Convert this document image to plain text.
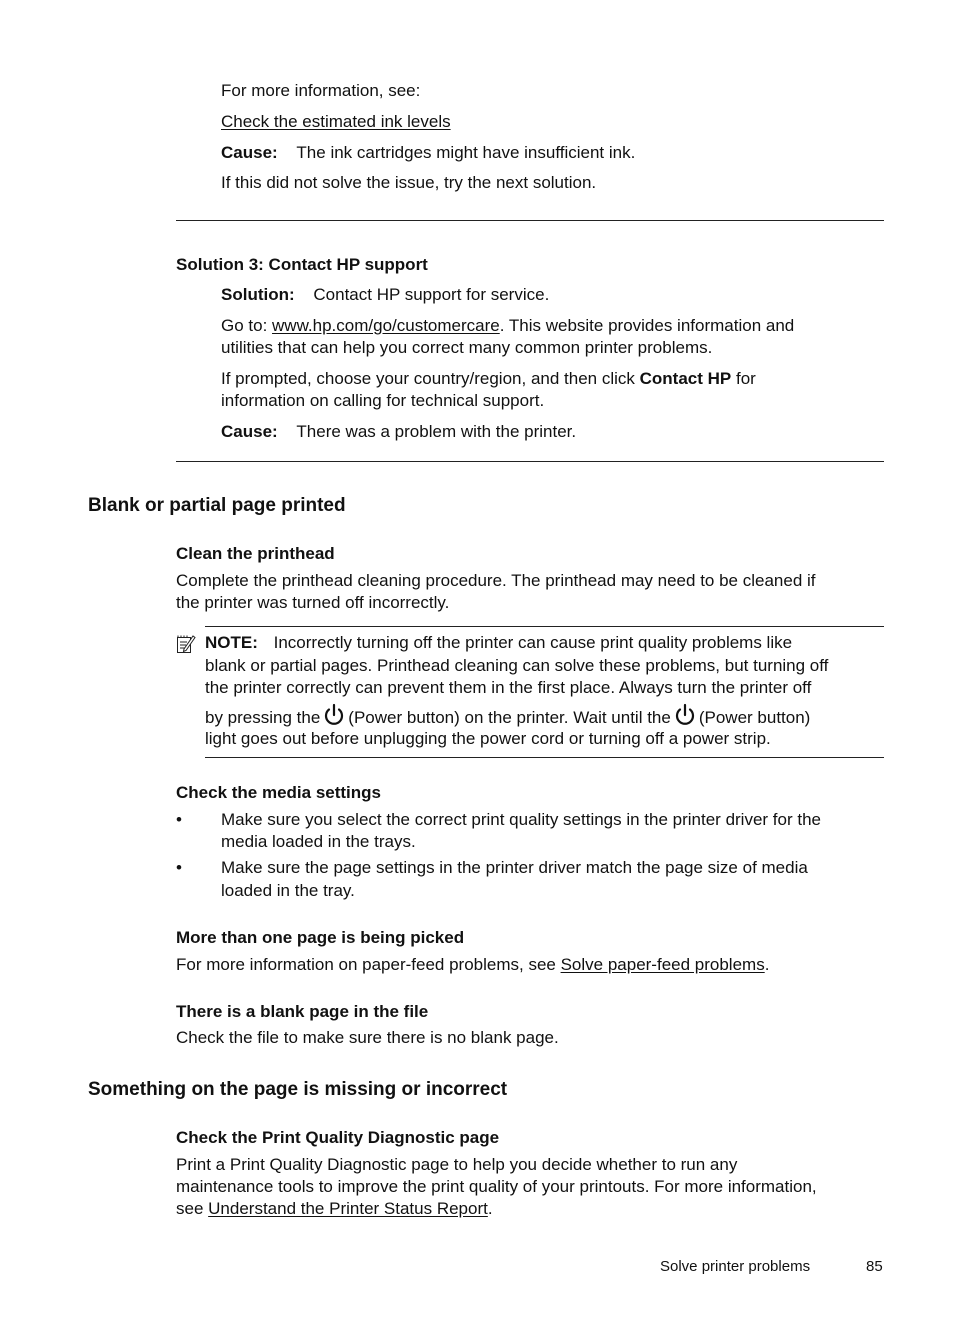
For more information, see:
Check the estimated ink levels
Cause: The ink cartridges might have insufficient ink.
If this did not solve the issue, try the next solution.
Solution 3: Contact HP support
Solution: Contact HP support for service.
Go to: www.hp.com/go/customercare. This website provides information and
utilities that can help you correct many common printer problems.
If prompted, choose your country/region, and then click Contact HP for
information on calling for technical support.
Cause: There was a problem with the printer.
Blank or partial page printed
Clean the printhead
Complete the printhead cleaning procedure. The printhead may need to be cleaned if
the printer was turned off incorrectly.
NOTE: Incorrectly turning off the printer can cause print quality problems like
blank or partial pages. Printhead cleaning can solve these problems, but turning off
the printer correctly can prevent them in the first place. Always turn the printer off
by pressing the (Power button) on the printer. Wait until the (Power button)
light goes out before unplugging the power cord or turning off a power strip.
Check the media settings
• Make sure you select the correct print quality settings in the printer driver for the
media loaded in the trays.
• Make sure the page settings in the printer driver match the page size of media
loaded in the tray.
More than one page is being picked
For more information on paper-feed problems, see Solve paper-feed problems.
There is a blank page in the file
Check the file to make sure there is no blank page.
Something on the page is missing or incorrect
Check the Print Quality Diagnostic page
Print a Print Quality Diagnostic page to help you decide whether to run any
maintenance tools to improve the print quality of your printouts. For more information,
see Understand the Printer Status Report.
Solve printer problems	85
